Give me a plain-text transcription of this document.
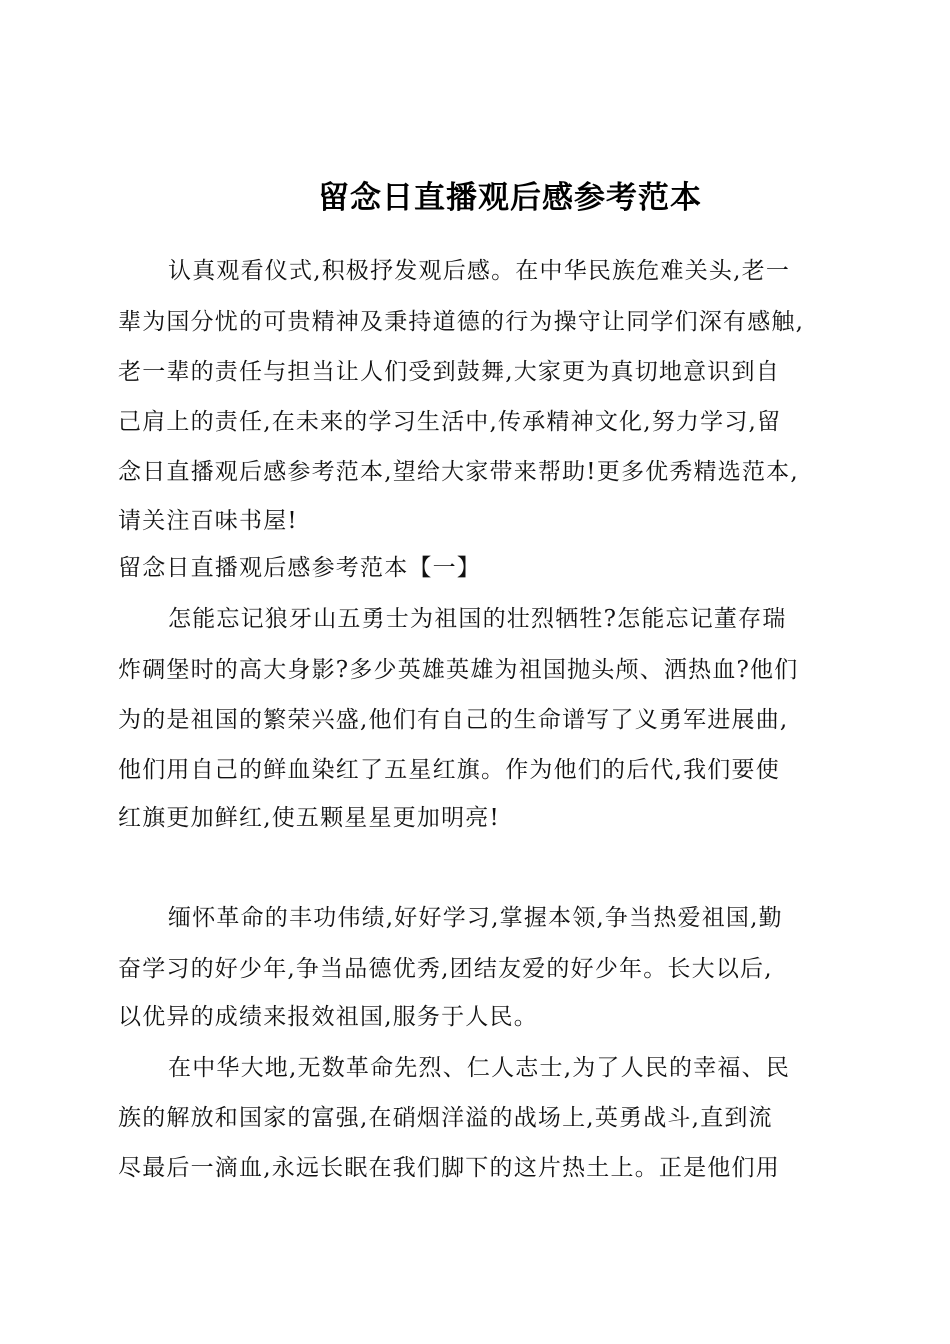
留念日直播观后感参考范本
认真观看仪式,积极抒发观后感。在中华民族危难关头,老一
辈为国分忧的可贵精神及秉持道德的行为操守让同学们深有感触,
老一辈的责任与担当让人们受到鼓舞,大家更为真切地意识到自
己肩上的责任,在未来的学习生活中,传承精神文化,努力学习,留
念日直播观后感参考范本,望给大家带来帮助!更多优秀精选范本,
请关注百味书屋!
留念日直播观后感参考范本【一】
怎能忘记狼牙山五勇士为祖国的壮烈牺牲?怎能忘记董存瑞
炸碉堡时的高大身影?多少英雄英雄为祖国抛头颅、洒热血?他们
为的是祖国的繁荣兴盛,他们有自己的生命谱写了义勇军进展曲,
他们用自己的鲜血染红了五星红旗。作为他们的后代,我们要使
红旗更加鲜红,使五颗星星更加明亮!
缅怀革命的丰功伟绩,好好学习,掌握本领,争当热爱祖国,勤
奋学习的好少年,争当品德优秀,团结友爱的好少年。长大以后,
以优异的成绩来报效祖国,服务于人民。
在中华大地,无数革命先烈、仁人志士,为了人民的幸福、民
族的解放和国家的富强,在硝烟洋溢的战场上,英勇战斗,直到流
尽最后一滴血,永远长眠在我们脚下的这片热土上。正是他们用
